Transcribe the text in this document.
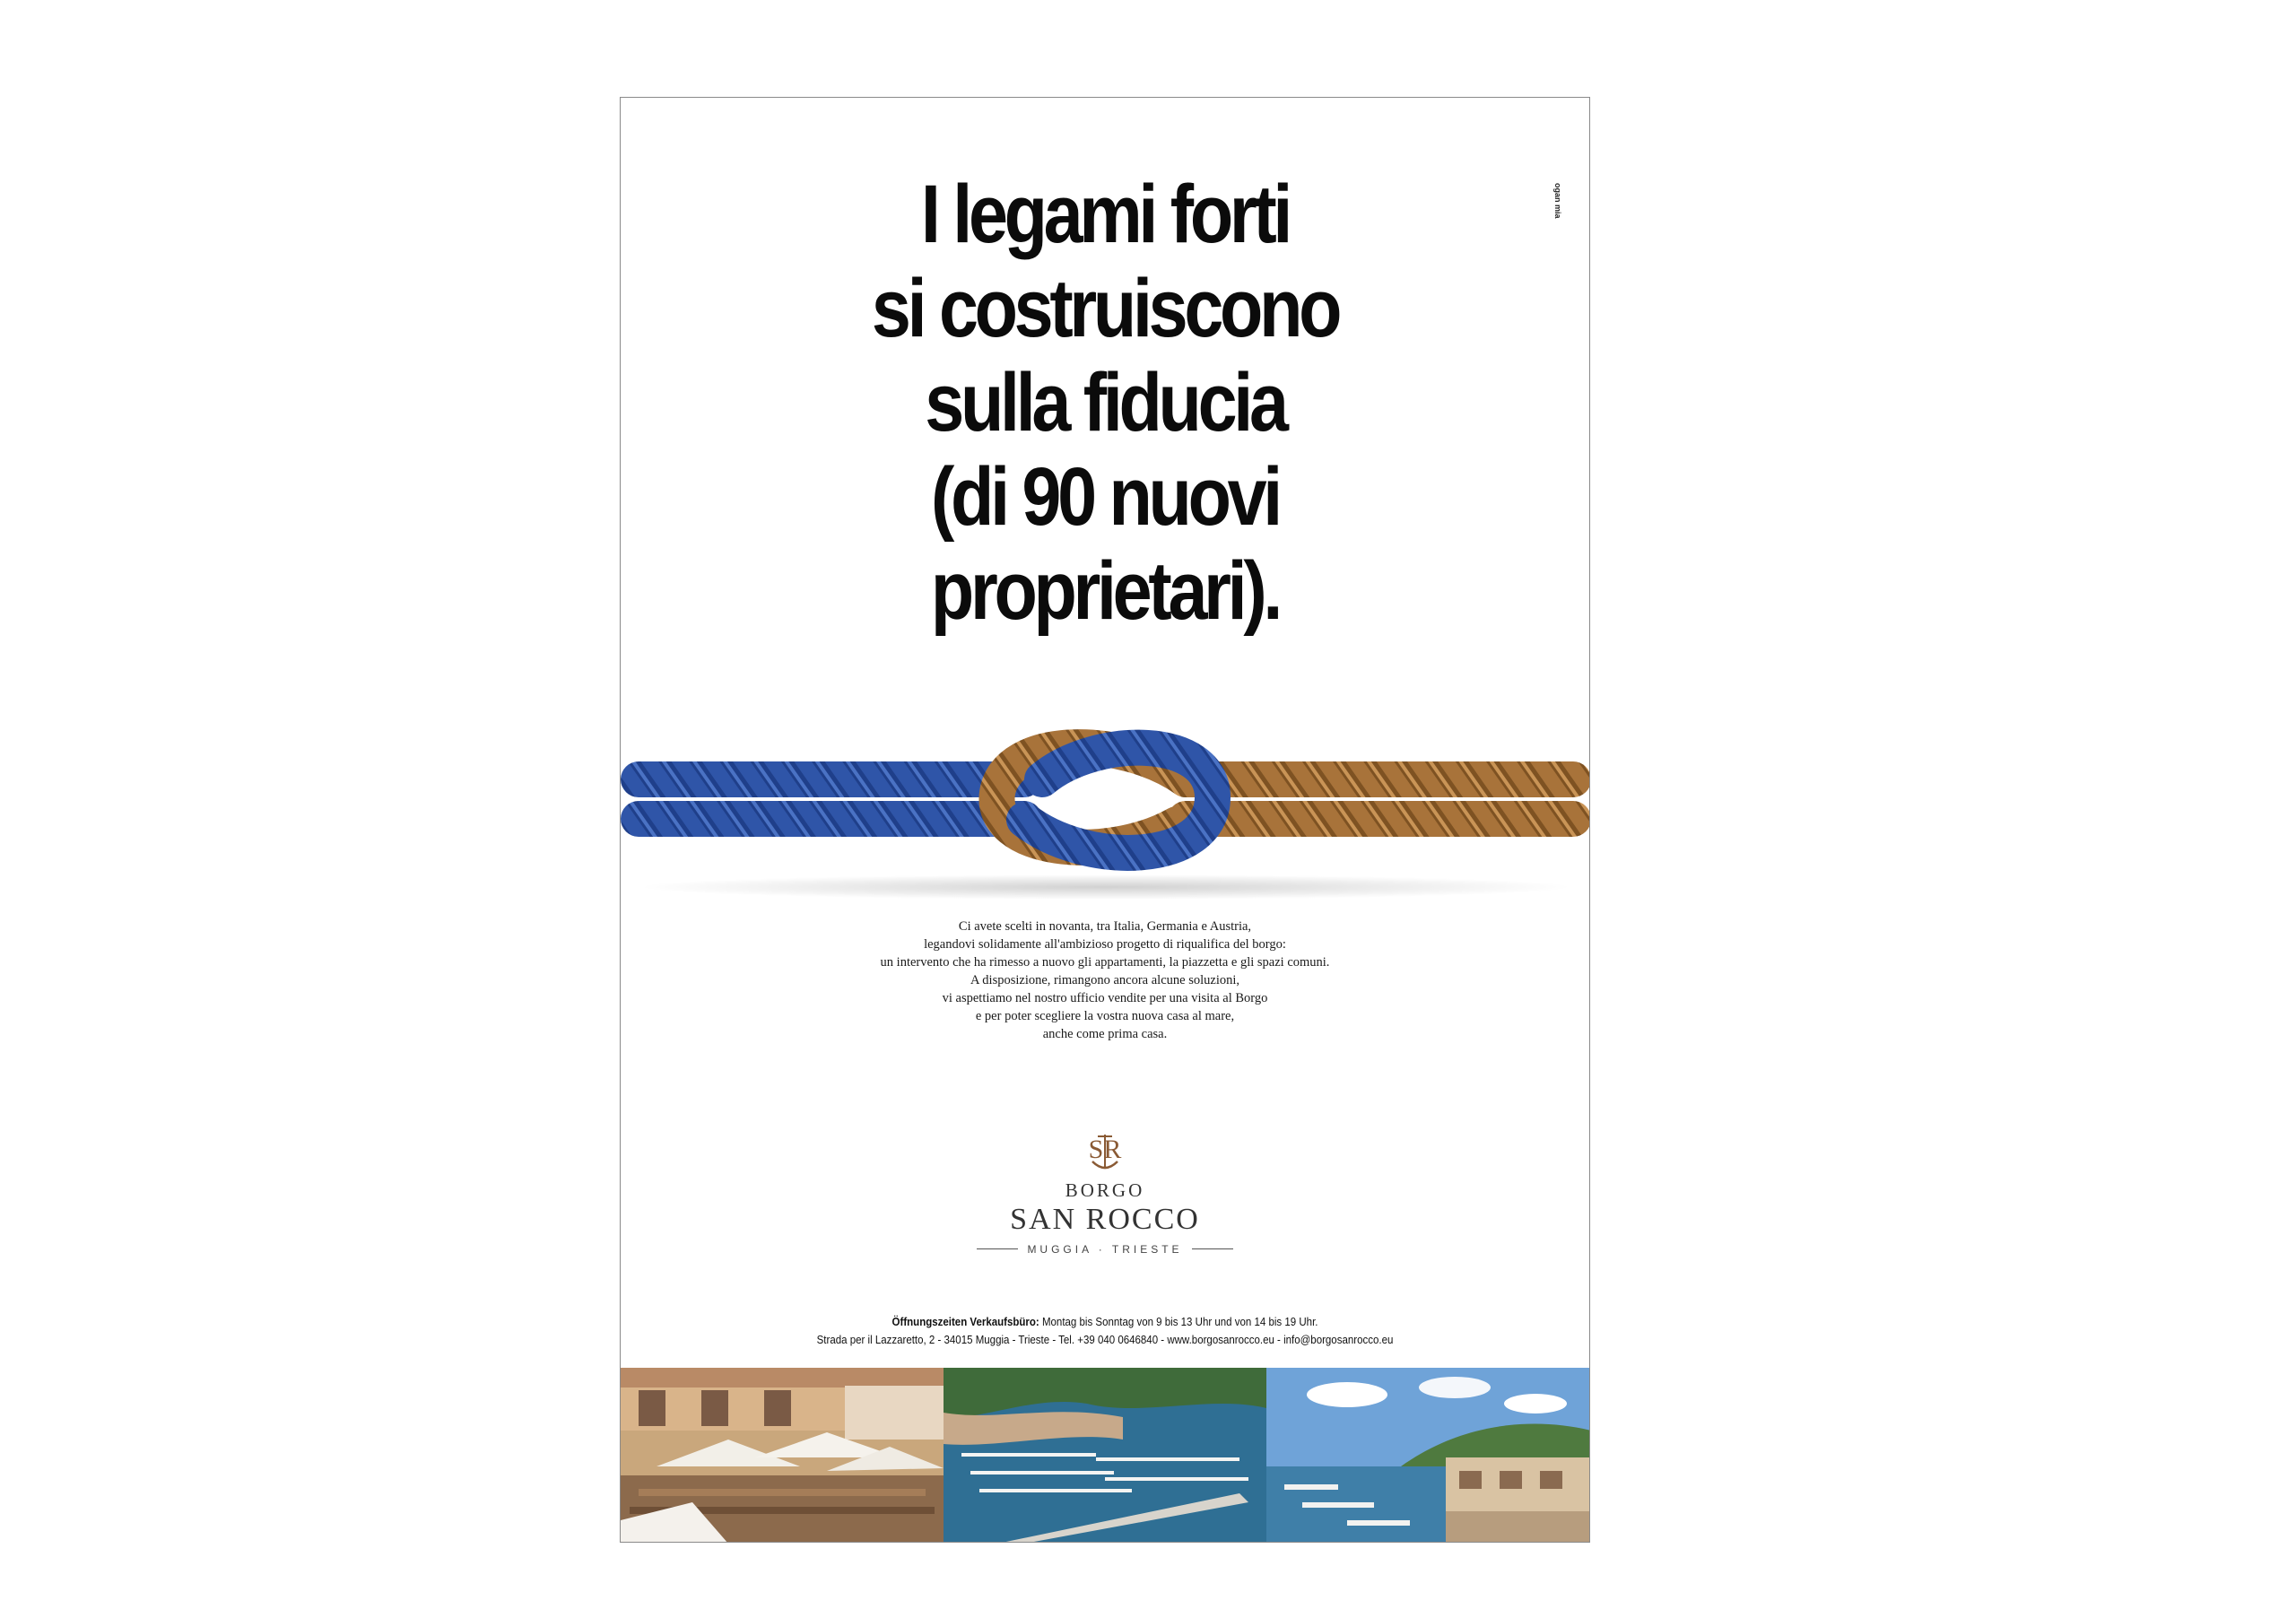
ogan mia
I legami forti
si costruiscono
sulla fiducia
(di 90 nuovi
proprietari).

Ci avete scelti in novanta, tra Italia, Germania e Austria,
legandovi solidamente all'ambizioso progetto di riqualifica del borgo:
un intervento che ha rimesso a nuovo gli appartamenti, la piazzetta e gli spazi comuni.
A disposizione, rimangono ancora alcune soluzioni,
vi aspettiamo nel nostro ufficio vendite per una visita al Borgo
e per poter scegliere la vostra nuova casa al mare,
anche come prima casa.

SR
BORGO
SAN ROCCO
MUGGIA · TRIESTE
Öffnungszeiten Verkaufsbüro: Montag bis Sonntag von 9 bis 13 Uhr und von 14 bis 19 Uhr.
Strada per il Lazzaretto, 2 - 34015 Muggia - Trieste - Tel. +39 040 0646840 - www.borgosanrocco.eu - info@borgosanrocco.eu
